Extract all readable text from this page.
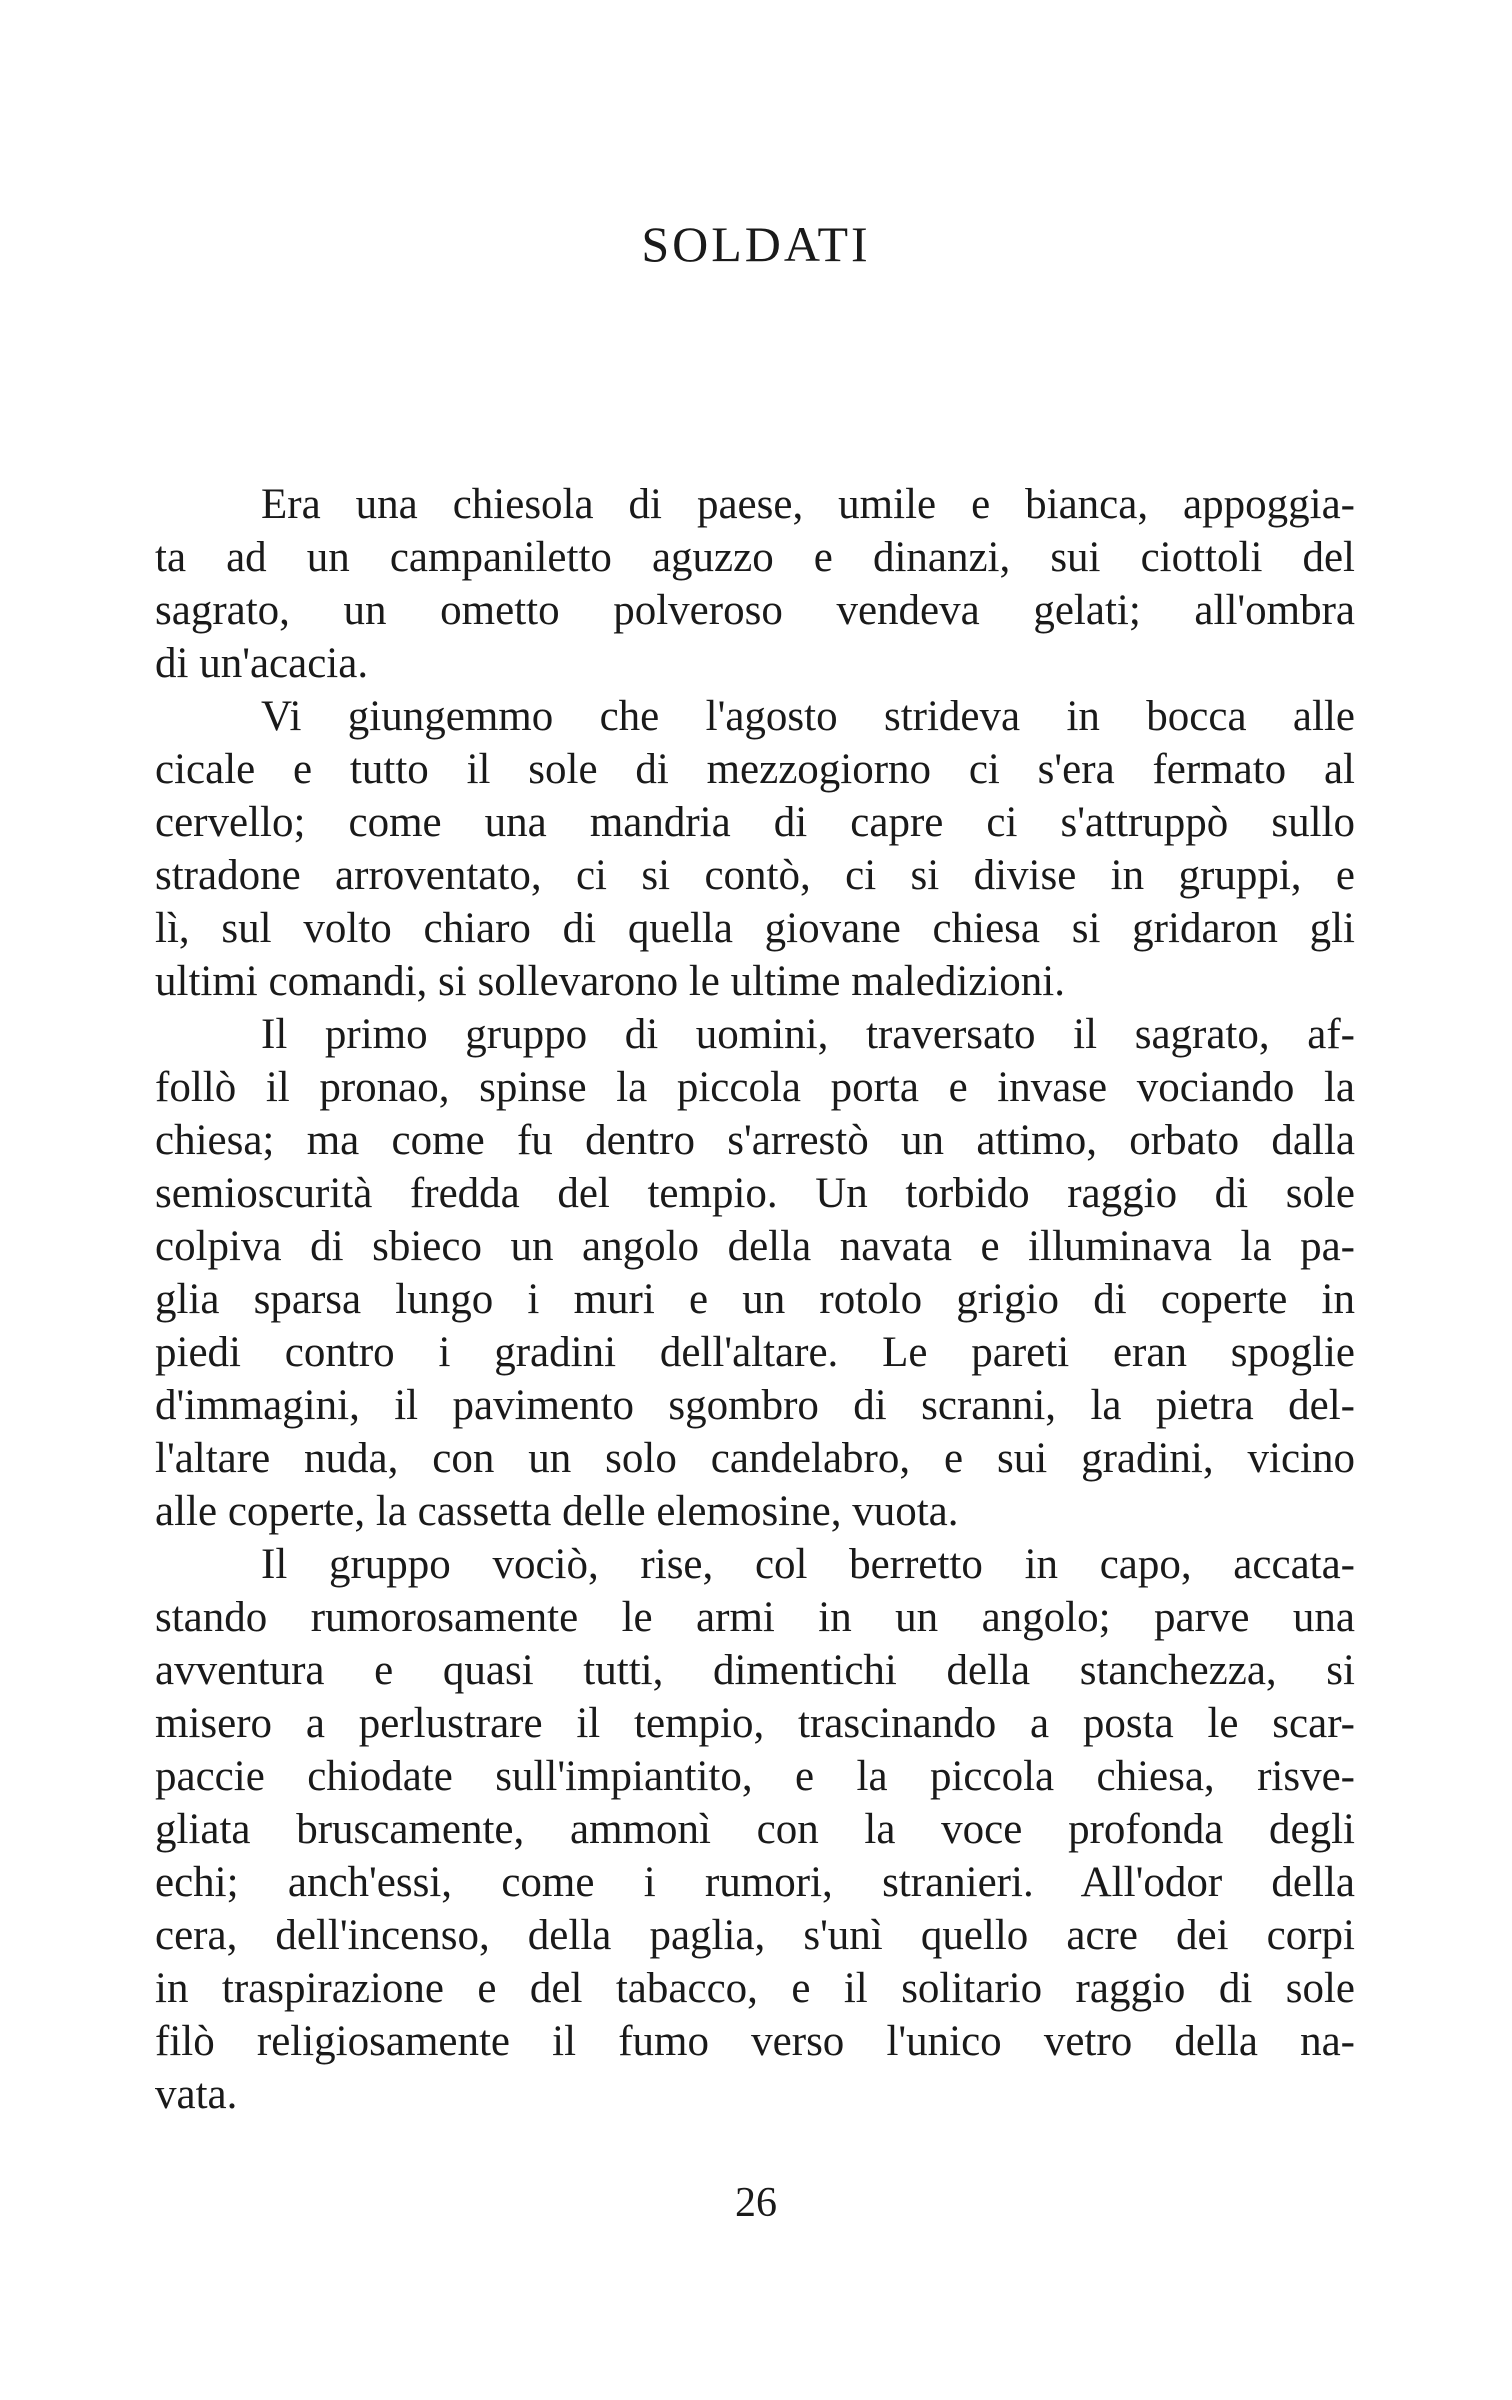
SOLDATI

Era una chiesola di paese, umile e bianca, appoggia-
ta ad un campaniletto aguzzo e dinanzi, sui ciottoli del
sagrato, un ometto polveroso vendeva gelati; all'ombra
di un'acacia.

Vi giungemmo che l'agosto strideva in bocca alle
cicale e tutto il sole di mezzogiorno ci s'era fermato al
cervello; come una mandria di capre ci s'attruppò sullo
stradone arroventato, ci si contò, ci si divise in gruppi, e
lì, sul volto chiaro di quella giovane chiesa si gridaron gli
ultimi comandi, si sollevarono le ultime maledizioni.

Il primo gruppo di uomini, traversato il sagrato, af-
follò il pronao, spinse la piccola porta e invase vociando la
chiesa; ma come fu dentro s'arrestò un attimo, orbato dalla
semioscurità fredda del tempio. Un torbido raggio di sole
colpiva di sbieco un angolo della navata e illuminava la pa-
glia sparsa lungo i muri e un rotolo grigio di coperte in
piedi contro i gradini dell'altare. Le pareti eran spoglie
d'immagini, il pavimento sgombro di scranni, la pietra del-
l'altare nuda, con un solo candelabro, e sui gradini, vicino
alle coperte, la cassetta delle elemosine, vuota.

Il gruppo vociò, rise, col berretto in capo, accata-
stando rumorosamente le armi in un angolo; parve una
avventura e quasi tutti, dimentichi della stanchezza, si
misero a perlustrare il tempio, trascinando a posta le scar-
paccie chiodate sull'impiantito, e la piccola chiesa, risve-
gliata bruscamente, ammonì con la voce profonda degli
echi; anch'essi, come i rumori, stranieri. All'odor della
cera, dell'incenso, della paglia, s'unì quello acre dei corpi
in traspirazione e del tabacco, e il solitario raggio di sole
filò religiosamente il fumo verso l'unico vetro della na-
vata.

26
